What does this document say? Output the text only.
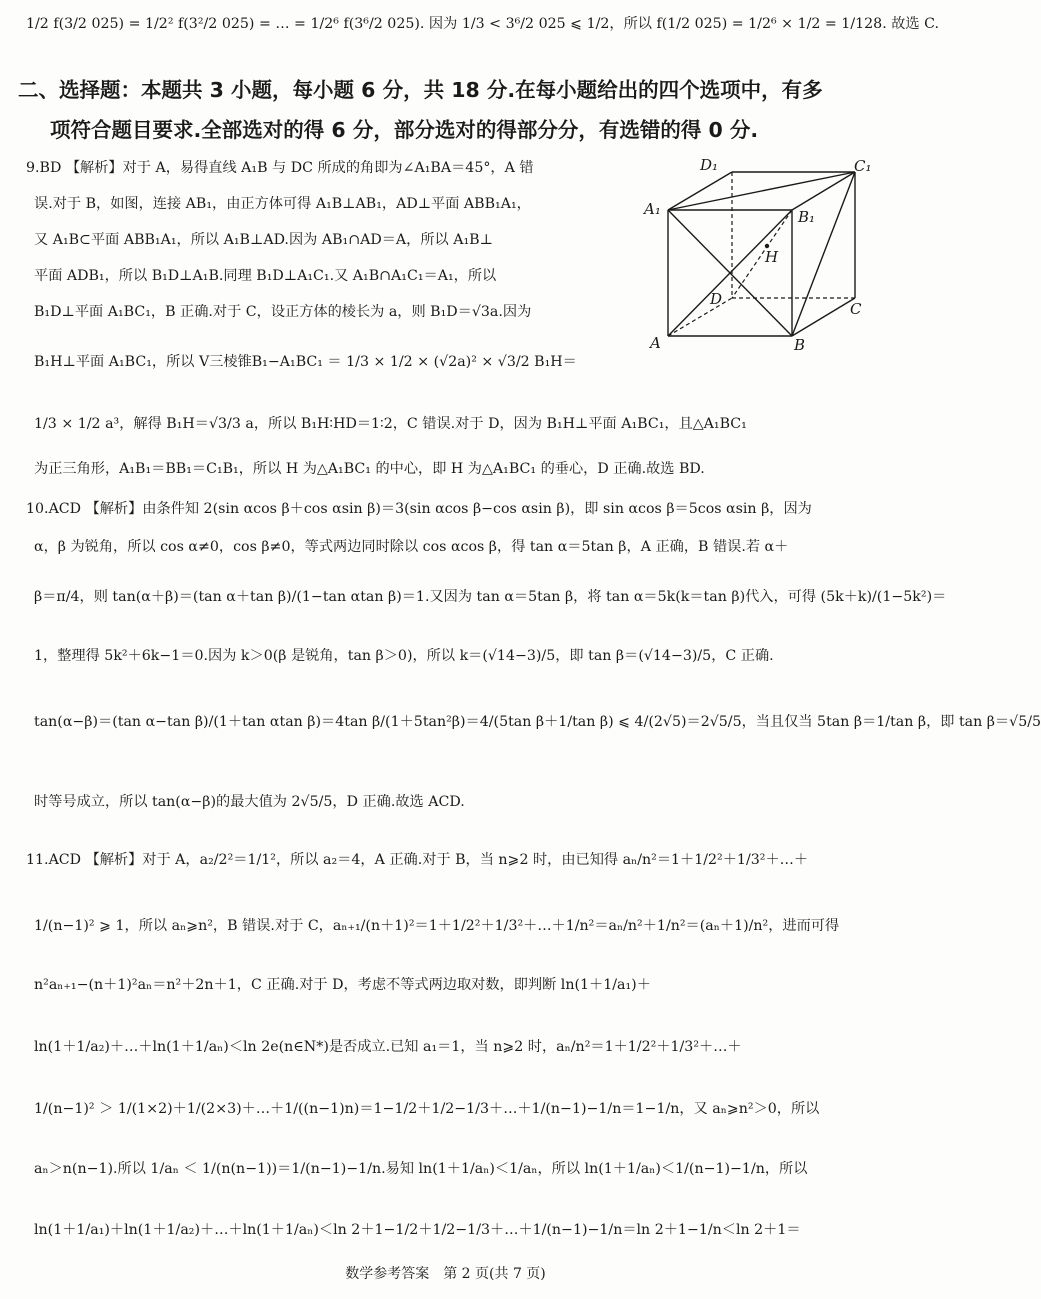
1/2 f(3/2 025) = 1/2² f(3²/2 025) = … = 1/2⁶ f(3⁶/2 025). 因为 1/3 < 3⁶/2 025 ⩽ 1/2，所以 f(1/2 025) = 1/2⁶ × 1/2 = 1/128. 故选 C.
二、选择题：本题共 3 小题，每小题 6 分，共 18 分.在每小题给出的四个选项中，有多
项符合题目要求.全部选对的得 6 分，部分选对的得部分分，有选错的得 0 分.
9.BD 【解析】对于 A，易得直线 A₁B 与 DC 所成的角即为∠A₁BA＝45°，A 错
误.对于 B，如图，连接 AB₁，由正方体可得 A₁B⊥AB₁，AD⊥平面 ABB₁A₁，
又 A₁B⊂平面 ABB₁A₁，所以 A₁B⊥AD.因为 AB₁∩AD＝A，所以 A₁B⊥
平面 ADB₁，所以 B₁D⊥A₁B.同理 B₁D⊥A₁C₁.又 A₁B∩A₁C₁＝A₁，所以
B₁D⊥平面 A₁BC₁，B 正确.对于 C，设正方体的棱长为 a，则 B₁D＝√3a.因为
B₁H⊥平面 A₁BC₁，所以 V三棱锥B₁−A₁BC₁ ＝ 1/3 × 1/2 × (√2a)² × √3/2 B₁H＝
D₁	C₁
A₁	B₁
H
D
C
A	B
1/3 × 1/2 a³，解得 B₁H＝√3/3 a，所以 B₁H∶HD＝1∶2，C 错误.对于 D，因为 B₁H⊥平面 A₁BC₁，且△A₁BC₁
为正三角形，A₁B₁＝BB₁＝C₁B₁，所以 H 为△A₁BC₁ 的中心，即 H 为△A₁BC₁ 的垂心，D 正确.故选 BD.
10.ACD 【解析】由条件知 2(sin αcos β＋cos αsin β)＝3(sin αcos β−cos αsin β)，即 sin αcos β＝5cos αsin β，因为
α，β 为锐角，所以 cos α≠0，cos β≠0，等式两边同时除以 cos αcos β，得 tan α＝5tan β，A 正确，B 错误.若 α＋
β＝π/4，则 tan(α＋β)＝(tan α＋tan β)/(1−tan αtan β)＝1.又因为 tan α＝5tan β，将 tan α＝5k(k＝tan β)代入，可得 (5k＋k)/(1−5k²)＝
1，整理得 5k²＋6k−1＝0.因为 k＞0(β 是锐角，tan β＞0)，所以 k＝(√14−3)/5，即 tan β＝(√14−3)/5，C 正确.
tan(α−β)＝(tan α−tan β)/(1＋tan αtan β)＝4tan β/(1＋5tan²β)＝4/(5tan β＋1/tan β) ⩽ 4/(2√5)＝2√5/5，当且仅当 5tan β＝1/tan β，即 tan β＝√5/5
时等号成立，所以 tan(α−β)的最大值为 2√5/5，D 正确.故选 ACD.
11.ACD 【解析】对于 A，a₂/2²＝1/1²，所以 a₂＝4，A 正确.对于 B，当 n⩾2 时，由已知得 aₙ/n²＝1＋1/2²＋1/3²＋…＋
1/(n−1)² ⩾ 1，所以 aₙ⩾n²，B 错误.对于 C，aₙ₊₁/(n＋1)²＝1＋1/2²＋1/3²＋…＋1/n²＝aₙ/n²＋1/n²＝(aₙ＋1)/n²，进而可得
n²aₙ₊₁−(n＋1)²aₙ＝n²＋2n＋1，C 正确.对于 D，考虑不等式两边取对数，即判断 ln(1＋1/a₁)＋
ln(1＋1/a₂)＋…＋ln(1＋1/aₙ)＜ln 2e(n∈N*)是否成立.已知 a₁＝1，当 n⩾2 时，aₙ/n²＝1＋1/2²＋1/3²＋…＋
1/(n−1)² ＞ 1/(1×2)＋1/(2×3)＋…＋1/((n−1)n)＝1−1/2＋1/2−1/3＋…＋1/(n−1)−1/n＝1−1/n，又 aₙ⩾n²＞0，所以
aₙ＞n(n−1).所以 1/aₙ ＜ 1/(n(n−1))＝1/(n−1)−1/n.易知 ln(1＋1/aₙ)＜1/aₙ，所以 ln(1＋1/aₙ)＜1/(n−1)−1/n，所以
ln(1＋1/a₁)＋ln(1＋1/a₂)＋…＋ln(1＋1/aₙ)＜ln 2＋1−1/2＋1/2−1/3＋…＋1/(n−1)−1/n＝ln 2＋1−1/n＜ln 2＋1＝
数学参考答案　第 2 页(共 7 页)
